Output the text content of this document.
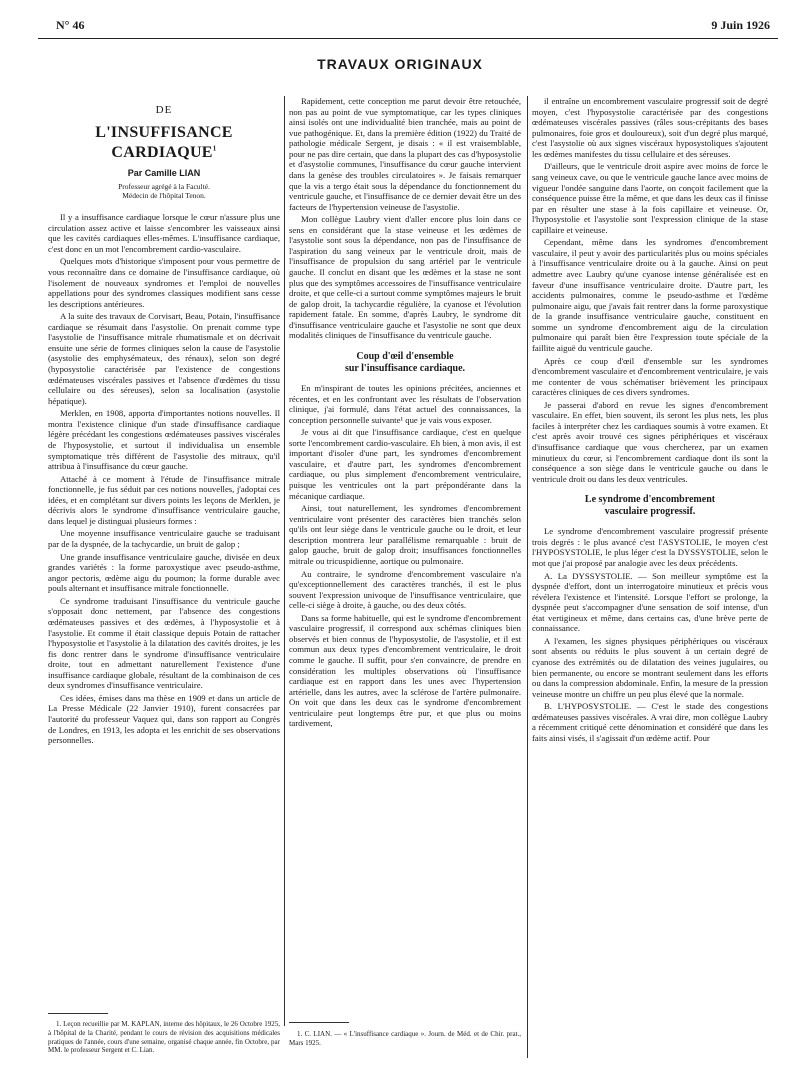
N° 46	9 Juin 1926
TRAVAUX ORIGINAUX
DE
L'INSUFFISANCE CARDIAQUE$^1$
Par Camille LIAN
Professeur agrégé à la Faculté.
Médecin de l'hôpital Tenon.

Il y a insuffisance cardiaque lorsque le cœur n'assure plus une circulation assez active et laisse s'encombrer les vaisseaux ainsi que les cavités cardiaques elles-mêmes. L'insuffisance cardiaque, c'est donc en un mot l'encombrement cardio-vasculaire.

Quelques mots d'historique s'imposent pour vous permettre de vous reconnaître dans ce domaine de l'insuffisance cardiaque, où l'isolement de nouveaux syndromes et l'emploi de nouvelles appellations pour des syndromes classiques modifient sans cesse les descriptions antérieures.

A la suite des travaux de Corvisart, Beau, Potain, l'insuffisance cardiaque se résumait dans l'asystolie. On prenait comme type l'asystolie de l'insuffisance mitrale rhumatismale et on décrivait ensuite une série de formes cliniques selon la cause de l'asystolie (asystolie des emphysémateux, des rénaux), selon son degré (hyposystolie caractérisée par l'existence de congestions œdémateuses viscérales passives et l'absence d'œdèmes du tissu cellulaire ou des séreuses), selon sa localisation (asystolie hépatique).

Merklen, en 1908, apporta d'importantes notions nouvelles. Il montra l'existence clinique d'un stade d'insuffisance cardiaque légère précédant les congestions œdémateuses passives viscérales de l'hyposystolie, et surtout il individualisa un ensemble symptomatique très différent de l'asystolie des mitraux, qu'il attribua à l'insuffisance du cœur gauche.

Attaché à ce moment à l'étude de l'insuffisance mitrale fonctionnelle, je fus séduit par ces notions nouvelles, j'adoptai ces idées, et en complétant sur divers points les leçons de Merklen, je décrivis alors le syndrome d'insuffisance ventriculaire gauche, dans lequel je distinguai plusieurs formes :

Une moyenne insuffisance ventriculaire gauche se traduisant par de la dyspnée, de la tachycardie, un bruit de galop ;

Une grande insuffisance ventriculaire gauche, divisée en deux grandes variétés : la forme paroxystique avec pseudo-asthme, angor pectoris, œdème aigu du poumon; la forme durable avec pouls alternant et insuffisance mitrale fonctionnelle.

Ce syndrome traduisant l'insuffisance du ventricule gauche s'opposait donc nettement, par l'absence des congestions œdémateuses passives et des œdèmes, à l'hyposystolie et à l'asystolie. Et comme il était classique depuis Potain de rattacher l'hyposystolie et l'asystolie à la dilatation des cavités droites, je les fis donc rentrer dans le syndrome d'insuffisance ventriculaire droite, tout en admettant naturellement l'existence d'une insuffisance cardiaque globale, résultant de la combinaison de ces deux syndromes d'insuffisance ventriculaire.

Ces idées, émises dans ma thèse en 1909 et dans un article de La Presse Médicale (22 Janvier 1910), furent consacrées par l'autorité du professeur Vaquez qui, dans son rapport au Congrès de Londres, en 1913, les adopta et les enrichit de ses observations personnelles.

Rapidement, cette conception me parut devoir être retouchée, non pas au point de vue symptomatique, car les types cliniques ainsi isolés ont une individualité bien tranchée, mais au point de vue pathogénique. Et, dans la première édition (1922) du Traité de pathologie médicale Sergent, je disais : « il est vraisemblable, pour ne pas dire certain, que dans la plupart des cas d'hyposystolie et d'asystolie communes, l'insuffisance du cœur gauche intervient dans la genèse des troubles circulatoires ». Je faisais remarquer que la vis a tergo était sous la dépendance du fonctionnement du ventricule gauche, et l'insuffisance de ce dernier devait être un des facteurs de l'hypertension veineuse de l'asystolie.

Mon collègue Laubry vient d'aller encore plus loin dans ce sens en considérant que la stase veineuse et les œdèmes de l'asystolie sont sous la dépendance, non pas de l'insuffisance de l'aspiration du sang veineux par le ventricule droit, mais de l'insuffisance de propulsion du sang artériel par le ventricule gauche. Il conclut en disant que les œdèmes et la stase ne sont plus que des symptômes accessoires de l'insuffisance ventriculaire droite, et que celle-ci a surtout comme symptômes majeurs le bruit de galop droit, la tachycardie régulière, la cyanose et l'évolution rapidement fatale. En somme, d'après Laubry, le syndrome dit d'insuffisance ventriculaire gauche et l'asystolie ne sont que deux modalités cliniques de l'insuffisance du ventricule gauche.

Coup d'œil d'ensemble
sur l'insuffisance cardiaque.

En m'inspirant de toutes les opinions précitées, anciennes et récentes, et en les confrontant avec les résultats de l'observation clinique, j'ai formulé, dans l'état actuel des connaissances, la conception personnelle suivante¹ que je vais vous exposer.

Je vous ai dit que l'insuffisance cardiaque, c'est en quelque sorte l'encombrement cardio-vasculaire. Eh bien, à mon avis, il est important d'isoler d'une part, les syndromes d'encombrement vasculaire, et d'autre part, les syndromes d'encombrement cardiaque, ou plus simplement d'encombrement ventriculaire, puisque les ventricules ont la part prépondérante dans la mécanique cardiaque.

Ainsi, tout naturellement, les syndromes d'encombrement ventriculaire vont présenter des caractères bien tranchés selon qu'ils ont leur siège dans le ventricule gauche ou le droit, et leur description montrera leur parallélisme remarquable : bruit de galop gauche, bruit de galop droit; insuffisances fonctionnelles mitrale ou tricuspidienne, aortique ou pulmonaire.

Au contraire, le syndrome d'encombrement vasculaire n'a qu'exceptionnellement des caractères tranchés, il est le plus souvent l'expression univoque de l'insuffisance ventriculaire, que celle-ci siège à droite, à gauche, ou des deux côtés.

Dans sa forme habituelle, qui est le syndrome d'encombrement vasculaire progressif, il correspond aux schémas cliniques bien observés et bien connus de l'hyposystolie, de l'asystolie, et il est commun aux deux types d'encombrement ventriculaire, le droit comme le gauche. Il suffit, pour s'en convaincre, de prendre en considération les multiples observations où l'insuffisance cardiaque est en rapport dans les unes avec l'hypertension artérielle, dans les autres, avec la sclérose de l'artère pulmonaire. On voit que dans les deux cas le syndrome d'encombrement ventriculaire peut longtemps être pur, et que plus ou moins tardivement,

il entraîne un encombrement vasculaire progressif soit de degré moyen, c'est l'hyposystolie caractérisée par des congestions œdémateuses viscérales passives (râles sous-crépitants des bases pulmonaires, foie gros et douloureux), soit d'un degré plus marqué, c'est l'asystolie où aux signes viscéraux hyposystoliques s'ajoutent les œdèmes manifestes du tissu cellulaire et des séreuses.

D'ailleurs, que le ventricule droit aspire avec moins de force le sang veineux cave, ou que le ventricule gauche lance avec moins de vigueur l'ondée sanguine dans l'aorte, on conçoit facilement que la conséquence puisse être la même, et que dans les deux cas il finisse par en résulter une stase à la fois capillaire et veineuse. Or, l'hyposystolie et l'asystolie sont l'expression clinique de la stase capillaire et veineuse.

Cependant, même dans les syndromes d'encombrement vasculaire, il peut y avoir des particularités plus ou moins spéciales à l'insuffisance ventriculaire droite ou à la gauche. Ainsi on peut admettre avec Laubry qu'une cyanose intense généralisée est en faveur d'une insuffisance ventriculaire droite. D'autre part, les accidents pulmonaires, comme le pseudo-asthme et l'œdème pulmonaire aigu, que j'avais fait rentrer dans la forme paroxystique de la grande insuffisance ventriculaire gauche, constituent en somme un syndrome d'encombrement aigu de la circulation pulmonaire qui paraît bien être l'expression toute spéciale de la faillite aiguë du ventricule gauche.

Après ce coup d'œil d'ensemble sur les syndromes d'encombrement vasculaire et d'encombrement ventriculaire, je vais me contenter de vous schématiser brièvement les principaux caractères cliniques de ces divers syndromes.

Je passerai d'abord en revue les signes d'encombrement vasculaire. En effet, bien souvent, ils seront les plus nets, les plus faciles à interpréter chez les cardiaques soumis à votre examen. Et c'est après avoir trouvé ces signes périphériques et viscéraux d'insuffisance cardiaque que vous chercherez, par un examen minutieux du cœur, si l'encombrement cardiaque dont ils sont la conséquence a son siège dans le ventricule gauche ou dans le ventricule droit ou dans les deux ventricules.

Le syndrome d'encombrement
vasculaire progressif.

Le syndrome d'encombrement vasculaire progressif présente trois degrés : le plus avancé c'est l'ASYSTOLIE, le moyen c'est l'HYPOSYSTOLIE, le plus léger c'est la DYSSYSTOLIE, selon le mot que j'ai proposé par analogie avec les deux précédents.

A. La DYSSYSTOLIE. — Son meilleur symptôme est la dyspnée d'effort, dont un interrogatoire minutieux et précis vous révélera l'existence et l'intensité. Lorsque l'effort se prolonge, la dyspnée peut s'accompagner d'une sensation de soif intense, d'un état vertigineux et même, dans certains cas, d'une brève perte de connaissance.

A l'examen, les signes physiques périphériques ou viscéraux sont absents ou réduits le plus souvent à un certain degré de cyanose des extrémités ou de dilatation des veines jugulaires, ou bien permanente, ou encore se montrant seulement dans les efforts ou dans la compression abdominale. Enfin, la mesure de la pression veineuse montre un chiffre un peu plus élevé que la normale.

B. L'HYPOSYSTOLIE. — C'est le stade des congestions œdémateuses passives viscérales. A vrai dire, mon collègue Laubry a récemment critiqué cette dénomination et considéré que dans les faits ainsi visés, il s'agissait d'un œdème actif. Pour

1. Leçon recueillie par M. KAPLAN, interne des hôpitaux, le 26 Octobre 1925, à l'hôpital de la Charité, pendant le cours de révision des acquisitions médicales pratiques de l'année, cours d'une semaine, organisé chaque année, fin Octobre, par MM. le professeur Sergent et C. Lian.

1. C. LIAN. — « L'insuffisance cardiaque ». Journ. de Méd. et de Chir. prat., Mars 1925.
